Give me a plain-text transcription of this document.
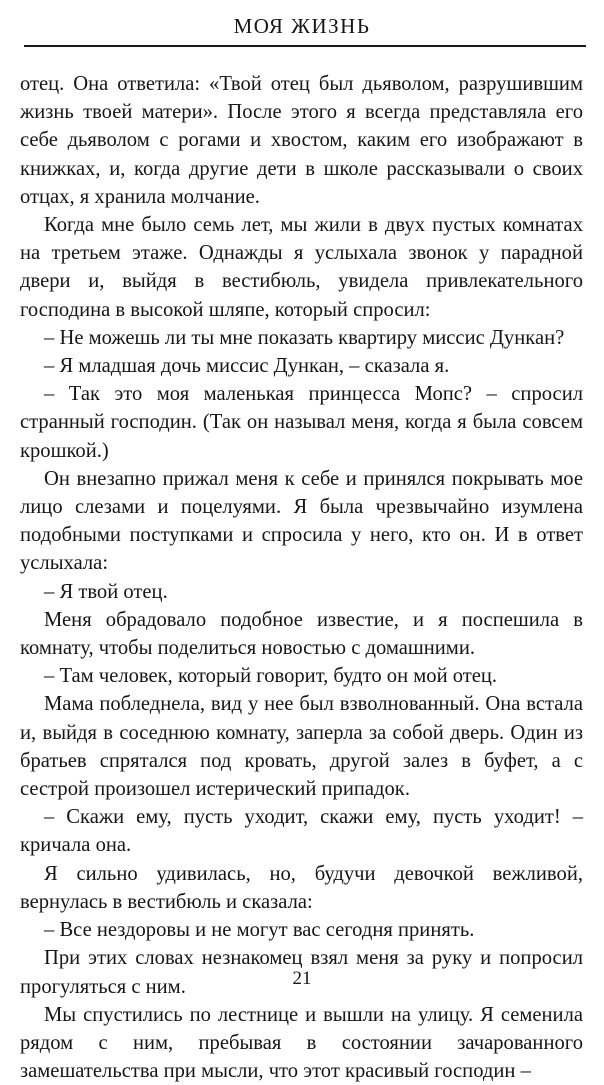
МОЯ ЖИЗНЬ

отец. Она ответила: «Твой отец был дьяволом, разрушившим жизнь твоей матери». После этого я всегда представляла его себе дьяволом с рогами и хвостом, каким его изображают в книжках, и, когда другие дети в школе рассказывали о своих отцах, я хранила молчание.

Когда мне было семь лет, мы жили в двух пустых комнатах на третьем этаже. Однажды я услыхала звонок у парадной двери и, выйдя в вестибюль, увидела привлекательного господина в высокой шляпе, который спросил:

– Не можешь ли ты мне показать квартиру миссис Дункан?

– Я младшая дочь миссис Дункан, – сказала я.

– Так это моя маленькая принцесса Мопс? – спросил странный господин. (Так он называл меня, когда я была совсем крошкой.)

Он внезапно прижал меня к себе и принялся покрывать мое лицо слезами и поцелуями. Я была чрезвычайно изумлена подобными поступками и спросила у него, кто он. И в ответ услыхала:

– Я твой отец.

Меня обрадовало подобное известие, и я поспешила в комнату, чтобы поделиться новостью с домашними.

– Там человек, который говорит, будто он мой отец.

Мама побледнела, вид у нее был взволнованный. Она встала и, выйдя в соседнюю комнату, заперла за собой дверь. Один из братьев спрятался под кровать, другой залез в буфет, а с сестрой произошел истерический припадок.

– Скажи ему, пусть уходит, скажи ему, пусть уходит! – кричала она.

Я сильно удивилась, но, будучи девочкой вежливой, вернулась в вестибюль и сказала:

– Все нездоровы и не могут вас сегодня принять.

При этих словах незнакомец взял меня за руку и попросил прогуляться с ним.

Мы спустились по лестнице и вышли на улицу. Я семенила рядом с ним, пребывая в состоянии зачарованного замешательства при мысли, что этот красивый господин –

21
